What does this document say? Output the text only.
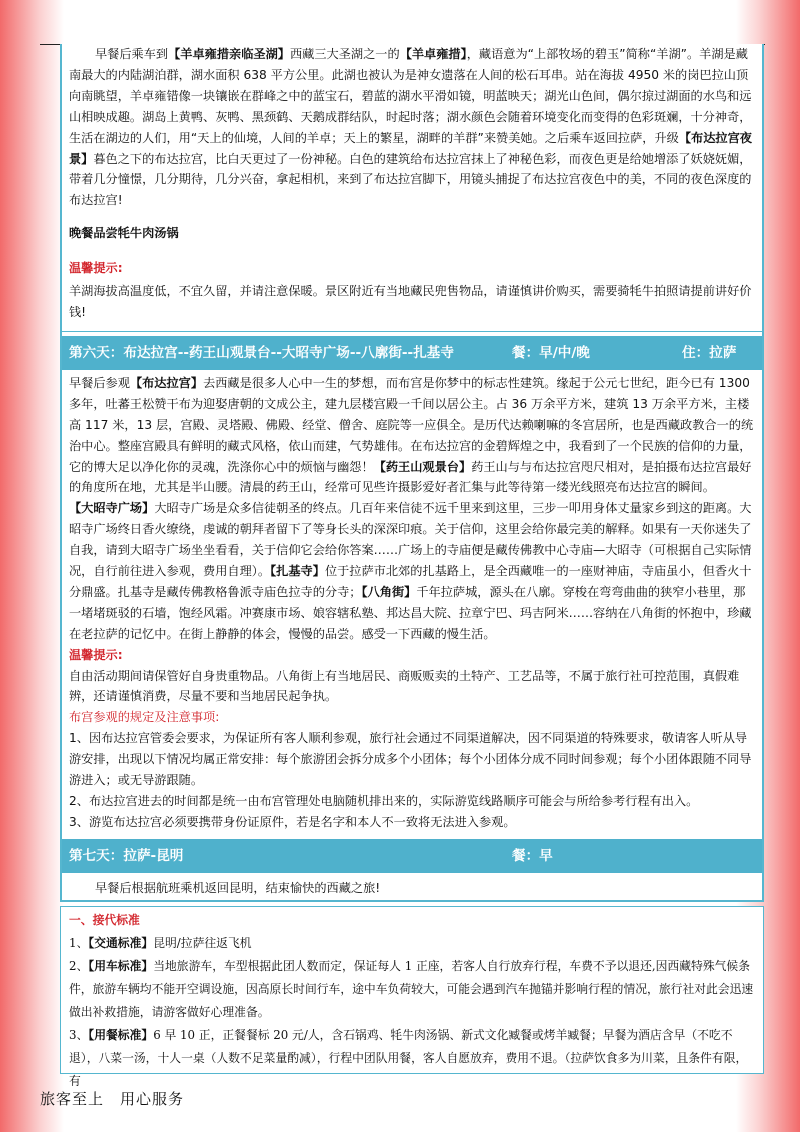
早餐后乘车到【羊卓雍措亲临圣湖】西藏三大圣湖之一的【羊卓雍措】，藏语意为“上部牧场的碧玉”简称“羊湖”。羊湖是藏南最大的内陆湖泊群，湖水面积 638 平方公里。此湖也被认为是神女遗落在人间的松石耳串。站在海拔 4950 米的岗巴拉山顶向南眺望，羊卓雍错像一块镶嵌在群峰之中的蓝宝石，碧蓝的湖水平滑如镜，明蓝映天；湖光山色间，偶尔掠过湖面的水鸟和远山相映成趣。湖岛上黄鸭、灰鸭、黑颈鹤、天鹅成群结队，时起时落；湖水颜色会随着环境变化而变得的色彩斑斓，十分神奇，生活在湖边的人们，用“天上的仙境，人间的羊卓；天上的繁星，湖畔的羊群”来赞美她。之后乘车返回拉萨，升级【布达拉宫夜景】暮色之下的布达拉宫，比白天更过了一份神秘。白色的建筑给布达拉宫抹上了神秘色彩，而夜色更是给她增添了妖娆妩媚，带着几分憧憬，几分期待，几分兴奋，拿起相机，来到了布达拉宫脚下，用镜头捕捉了布达拉宫夜色中的美，不同的夜色深度的布达拉宫!

晚餐品尝牦牛肉汤锅

温馨提示:

羊湖海拔高温度低，不宜久留，并请注意保暖。景区附近有当地藏民兜售物品，请谨慎讲价购买，需要骑牦牛拍照请提前讲好价钱!

第六天：布达拉宫--药王山观景台--大昭寺广场--八廓街--扎基寺	餐：早/中/晚	住：拉萨

早餐后参观【布达拉宫】去西藏是很多人心中一生的梦想，而布宫是你梦中的标志性建筑。缘起于公元七世纪，距今已有 1300 多年，吐蕃王松赞干布为迎娶唐朝的文成公主，建九层楼宫殿一千间以居公主。占 36 万余平方米，建筑 13 万余平方米，主楼高 117 米，13 层，宫殿、灵塔殿、佛殿、经堂、僧舍、庭院等一应俱全。是历代达赖喇嘛的冬宫居所，也是西藏政教合一的统治中心。整座宫殿具有鲜明的藏式风格，依山而建，气势雄伟。在布达拉宫的金碧辉煌之中，我看到了一个民族的信仰的力量，它的博大足以净化你的灵魂，洗涤你心中的烦恼与幽怨！【药王山观景台】药王山与与布达拉宫咫尺相对，是拍摄布达拉宫最好的角度所在地，尤其是半山腰。清晨的药王山，经常可见些许摄影爱好者汇集与此等待第一缕光线照亮布达拉宫的瞬间。

【大昭寺广场】大昭寺广场是众多信徒朝圣的终点。几百年来信徒不远千里来到这里，三步一叩用身体丈量家乡到这的距离。大昭寺广场终日香火缭绕，虔诚的朝拜者留下了等身长头的深深印痕。关于信仰，这里会给你最完美的解释。如果有一天你迷失了自我，请到大昭寺广场坐坐看看，关于信仰它会给你答案……广场上的寺庙便是藏传佛教中心寺庙—大昭寺（可根据自己实际情况，自行前往进入参观，费用自理）。【扎基寺】位于拉萨市北郊的扎基路上，是全西藏唯一的一座财神庙，寺庙虽小，但香火十分鼎盛。扎基寺是藏传佛教格鲁派寺庙色拉寺的分寺；【八角街】千年拉萨城，源头在八廓。穿梭在弯弯曲曲的狭窄小巷里，那一堵堵斑驳的石墙，饱经风霜。冲赛康市场、娘容辖私塾、邦达昌大院、拉章宁巴、玛吉阿米……容纳在八角街的怀抱中，珍藏在老拉萨的记忆中。在街上静静的体会，慢慢的品尝。感受一下西藏的慢生活。

温馨提示:

自由活动期间请保管好自身贵重物品。八角街上有当地居民、商贩贩卖的土特产、工艺品等，不属于旅行社可控范围，真假难辨，还请谨慎消费，尽量不要和当地居民起争执。

布宫参观的规定及注意事项:

1、因布达拉宫管委会要求，为保证所有客人顺利参观，旅行社会通过不同渠道解决，因不同渠道的特殊要求，敬请客人听从导游安排，出现以下情况均属正常安排：每个旅游团会拆分成多个小团体；每个小团体分成不同时间参观；每个小团体跟随不同导游进入；或无导游跟随。

2、布达拉宫进去的时间都是统一由布宫管理处电脑随机排出来的，实际游览线路顺序可能会与所给参考行程有出入。

3、游览布达拉宫必须要携带身份证原件，若是名字和本人不一致将无法进入参观。

第七天：拉萨-昆明	餐：早

早餐后根据航班乘机返回昆明，结束愉快的西藏之旅!

一、接代标准
1、【交通标准】昆明/拉萨往返飞机
2、【用车标准】当地旅游车，车型根据此团人数而定，保证每人 1 正座，若客人自行放弃行程，车费不予以退还,因西藏特殊气候条件，旅游车辆均不能开空调设施，因高原长时间行车，途中车负荷较大，可能会遇到汽车抛锚并影响行程的情况，旅行社对此会迅速做出补救措施，请游客做好心理准备。
3、【用餐标准】6 早 10 正，正餐餐标 20 元/人，含石锅鸡、牦牛肉汤锅、新式文化臧餐或烤羊臧餐；早餐为酒店含早（不吃不退），八菜一汤，十人一桌（人数不足菜量酌减），行程中团队用餐，客人自愿放弃，费用不退。（拉萨饮食多为川菜，且条件有限，有
旅客至上　用心服务
